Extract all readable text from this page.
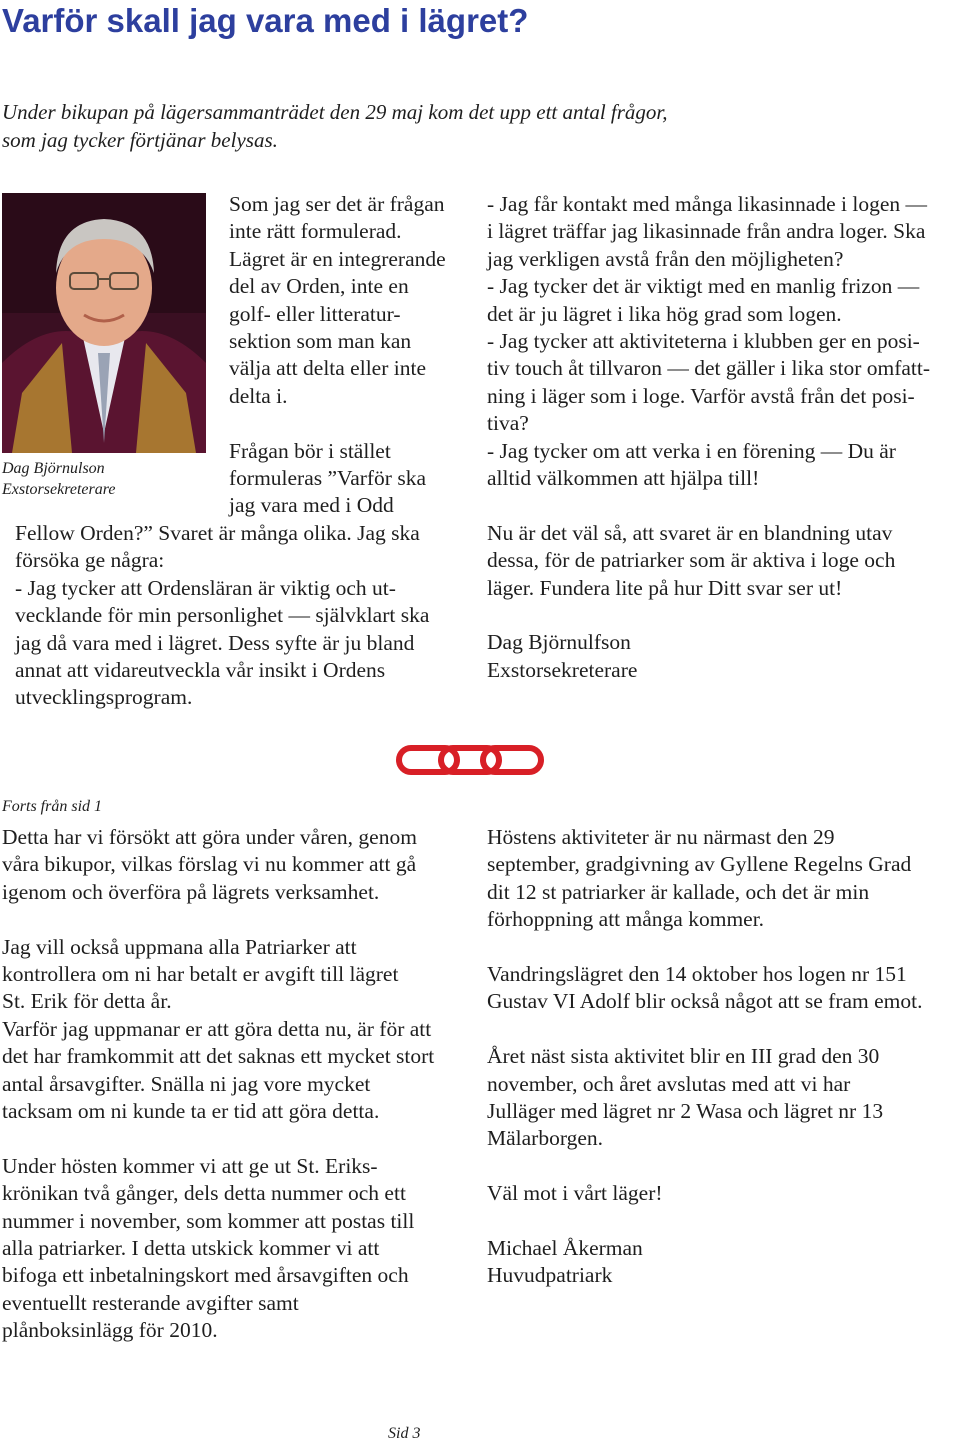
Varför skall jag vara med i lägret?
Under bikupan på lägersammanträdet den 29 maj kom det upp ett antal frågor,
som jag tycker förtjänar belysas.
Dag Björnulson
Exstorsekreterare
Som jag ser det är frågan
inte rätt formulerad.
Lägret är en integrerande
del av Orden, inte en
golf- eller litteratur-
sektion som man kan
välja att delta eller inte
delta i.
Frågan bör i stället
formuleras ”Varför ska
jag vara med i Odd
Fellow Orden?” Svaret är många olika. Jag ska
försöka ge några:
- Jag tycker att Ordensläran är viktig och ut-
vecklande för min personlighet — självklart ska
jag då vara med i lägret. Dess syfte är ju bland
annat att vidareutveckla vår insikt i Ordens
utvecklingsprogram.
- Jag får kontakt med många likasinnade i logen —
i lägret träffar jag likasinnade från andra loger. Ska
jag verkligen avstå från den möjligheten?
- Jag tycker det är viktigt med en manlig frizon —
det är ju lägret i lika hög grad som logen.
- Jag tycker att aktiviteterna i klubben ger en posi-
tiv touch åt tillvaron — det gäller i lika stor omfatt-
ning i läger som i loge. Varför avstå från det posi-
tiva?
- Jag tycker om att verka i en förening — Du är
alltid välkommen att hjälpa till!
Nu är det väl så, att svaret är en blandning utav
dessa, för de patriarker som är aktiva i loge och
läger. Fundera lite på hur Ditt svar ser ut!
Dag Björnulfson
Exstorsekreterare
Forts från sid 1
Detta har vi försökt att göra under våren, genom
våra bikupor, vilkas förslag vi nu kommer att gå
igenom och överföra på lägrets verksamhet.
Jag vill också uppmana alla Patriarker att
kontrollera om ni har betalt er avgift till lägret
St. Erik för detta år.
Varför jag uppmanar er att göra detta nu, är för att
det har framkommit att det saknas ett mycket stort
antal årsavgifter. Snälla ni jag vore mycket
tacksam om ni kunde ta er tid att göra detta.
Under hösten kommer vi att ge ut St. Eriks-
krönikan två gånger, dels detta nummer och ett
nummer i november, som kommer att postas till
alla patriarker. I detta utskick kommer vi att
bifoga ett inbetalningskort med årsavgiften och
eventuellt resterande avgifter samt
plånboksinlägg för 2010.
Höstens aktiviteter är nu närmast den 29
september, gradgivning av Gyllene Regelns Grad
dit 12 st patriarker är kallade, och det är min
förhoppning att många kommer.
Vandringslägret den 14 oktober hos logen nr 151
Gustav VI Adolf blir också något att se fram emot.
Året näst sista aktivitet blir en III grad den 30
november, och året avslutas med att vi har
Julläger med lägret nr 2 Wasa och lägret nr 13
Mälarborgen.
Väl mot i vårt läger!
Michael Åkerman
Huvudpatriark
Sid 3
